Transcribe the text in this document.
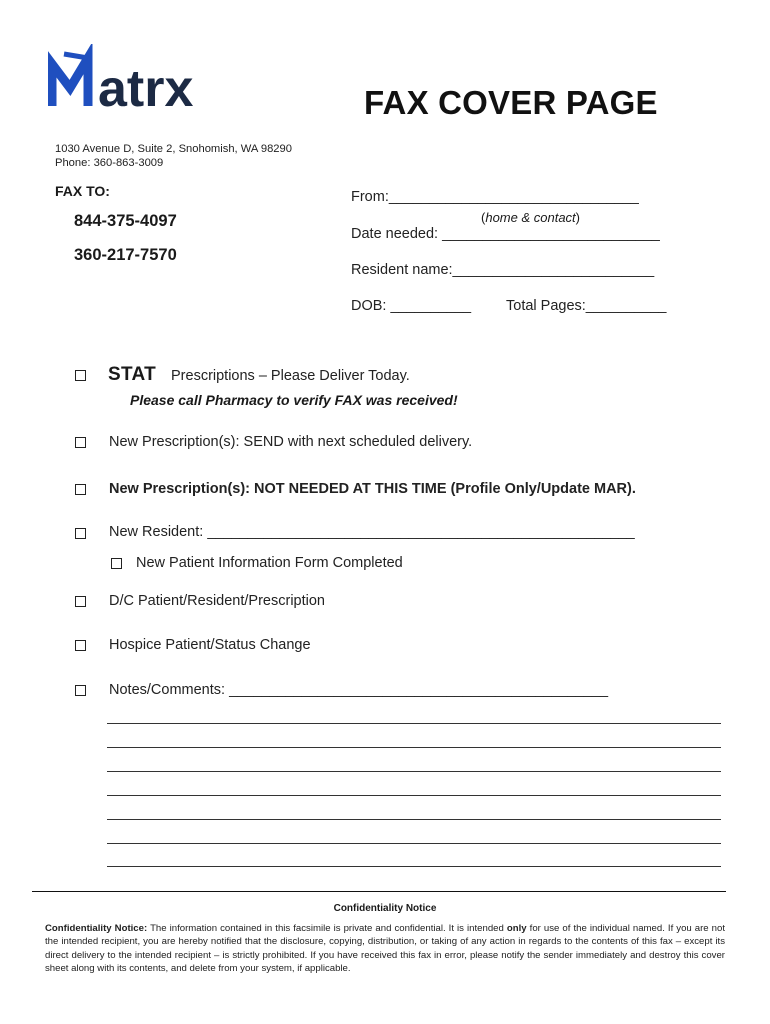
atrx	FAX COVER PAGE
1030 Avenue D, Suite 2, Snohomish, WA 98290
Phone: 360-863-3009
FAX TO:
844-375-4097
360-217-7570
From:_______________________________
(home & contact)
Date needed: ___________________________
Resident name:_________________________
DOB: __________ Total Pages:__________
STAT Prescriptions – Please Deliver Today.
Please call Pharmacy to verify FAX was received!
New Prescription(s): SEND with next scheduled delivery.
New Prescription(s): NOT NEEDED AT THIS TIME (Profile Only/Update MAR).
New Resident: _____________________________________________________
New Patient Information Form Completed
D/C Patient/Resident/Prescription
Hospice Patient/Status Change
Notes/Comments: _______________________________________________
Confidentiality Notice
Confidentiality Notice: The information contained in this facsimile is private and confidential. It is intended only for use of the individual named. If you are not the intended recipient, you are hereby notified that the disclosure, copying, distribution, or taking of any action in regards to the contents of this fax – except its direct delivery to the intended recipient – is strictly prohibited. If you have received this fax in error, please notify the sender immediately and destroy this cover sheet along with its contents, and delete from your system, if applicable.
